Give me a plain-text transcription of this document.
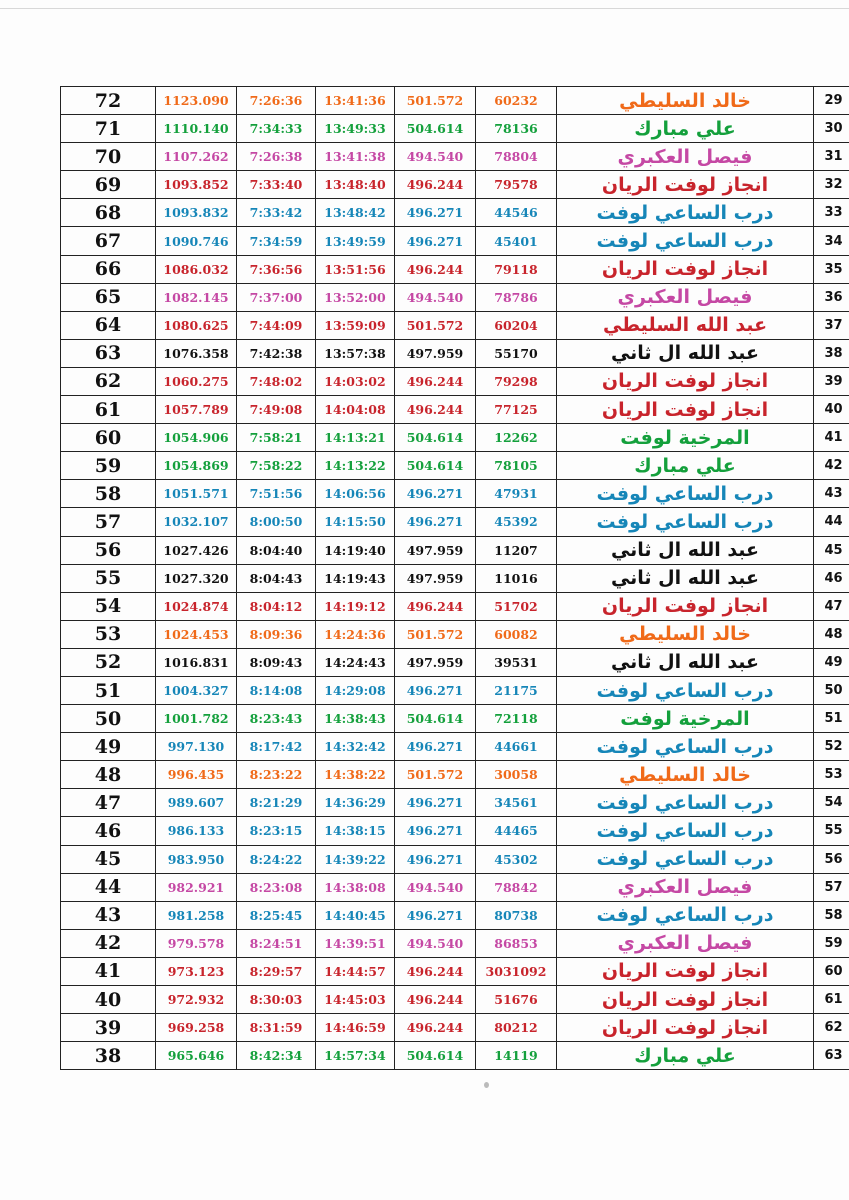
72	1123.090	7:26:36	13:41:36	501.572	60232	خالد السليطي	29
71	1110.140	7:34:33	13:49:33	504.614	78136	علي مبارك	30
70	1107.262	7:26:38	13:41:38	494.540	78804	فيصل العكبري	31
69	1093.852	7:33:40	13:48:40	496.244	79578	انجاز لوفت الريان	32
68	1093.832	7:33:42	13:48:42	496.271	44546	درب الساعي لوفت	33
67	1090.746	7:34:59	13:49:59	496.271	45401	درب الساعي لوفت	34
66	1086.032	7:36:56	13:51:56	496.244	79118	انجاز لوفت الريان	35
65	1082.145	7:37:00	13:52:00	494.540	78786	فيصل العكبري	36
64	1080.625	7:44:09	13:59:09	501.572	60204	عبد الله السليطي	37
63	1076.358	7:42:38	13:57:38	497.959	55170	عبد الله ال ثاني	38
62	1060.275	7:48:02	14:03:02	496.244	79298	انجاز لوفت الريان	39
61	1057.789	7:49:08	14:04:08	496.244	77125	انجاز لوفت الريان	40
60	1054.906	7:58:21	14:13:21	504.614	12262	المرخية لوفت	41
59	1054.869	7:58:22	14:13:22	504.614	78105	علي مبارك	42
58	1051.571	7:51:56	14:06:56	496.271	47931	درب الساعي لوفت	43
57	1032.107	8:00:50	14:15:50	496.271	45392	درب الساعي لوفت	44
56	1027.426	8:04:40	14:19:40	497.959	11207	عبد الله ال ثاني	45
55	1027.320	8:04:43	14:19:43	497.959	11016	عبد الله ال ثاني	46
54	1024.874	8:04:12	14:19:12	496.244	51702	انجاز لوفت الريان	47
53	1024.453	8:09:36	14:24:36	501.572	60082	خالد السليطي	48
52	1016.831	8:09:43	14:24:43	497.959	39531	عبد الله ال ثاني	49
51	1004.327	8:14:08	14:29:08	496.271	21175	درب الساعي لوفت	50
50	1001.782	8:23:43	14:38:43	504.614	72118	المرخية لوفت	51
49	997.130	8:17:42	14:32:42	496.271	44661	درب الساعي لوفت	52
48	996.435	8:23:22	14:38:22	501.572	30058	خالد السليطي	53
47	989.607	8:21:29	14:36:29	496.271	34561	درب الساعي لوفت	54
46	986.133	8:23:15	14:38:15	496.271	44465	درب الساعي لوفت	55
45	983.950	8:24:22	14:39:22	496.271	45302	درب الساعي لوفت	56
44	982.921	8:23:08	14:38:08	494.540	78842	فيصل العكبري	57
43	981.258	8:25:45	14:40:45	496.271	80738	درب الساعي لوفت	58
42	979.578	8:24:51	14:39:51	494.540	86853	فيصل العكبري	59
41	973.123	8:29:57	14:44:57	496.244	3031092	انجاز لوفت الريان	60
40	972.932	8:30:03	14:45:03	496.244	51676	انجاز لوفت الريان	61
39	969.258	8:31:59	14:46:59	496.244	80212	انجاز لوفت الريان	62
38	965.646	8:42:34	14:57:34	504.614	14119	علي مبارك	63
